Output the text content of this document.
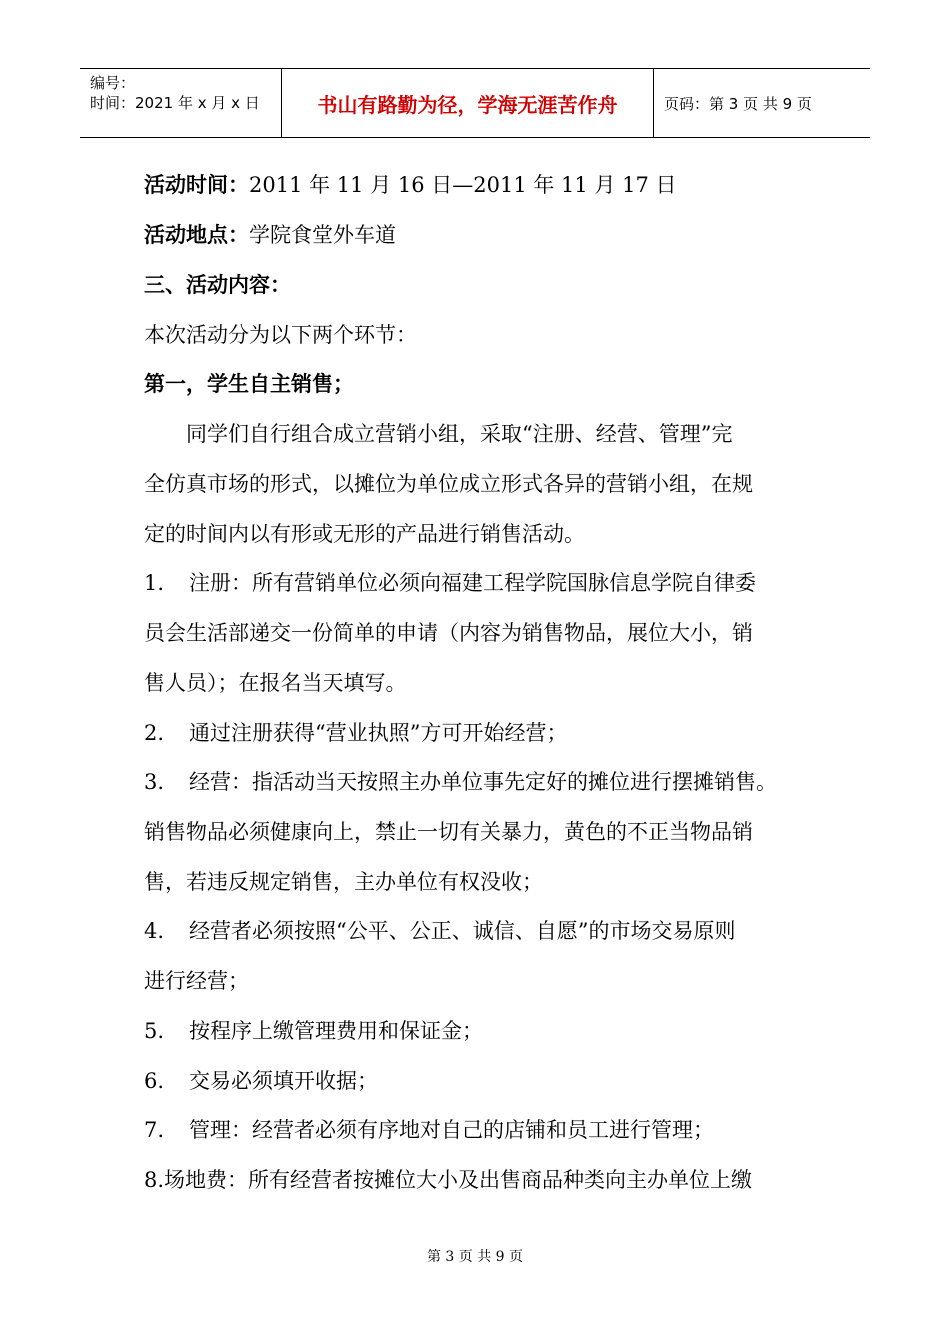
编号：
时间：2021 年 x 月 x 日	书山有路勤为径，学海无涯苦作舟	页码：第 3 页 共 9 页
活动时间：2011 年 11 月 16 日—2011 年 11 月 17 日
活动地点：学院食堂外车道
三、活动内容：
本次活动分为以下两个环节：
第一，学生自主销售；
同学们自行组合成立营销小组，采取“注册、经营、管理”完
全仿真市场的形式，以摊位为单位成立形式各异的营销小组，在规
定的时间内以有形或无形的产品进行销售活动。
1. 注册：所有营销单位必须向福建工程学院国脉信息学院自律委
员会生活部递交一份简单的申请（内容为销售物品，展位大小，销
售人员）；在报名当天填写。
2. 通过注册获得“营业执照”方可开始经营；
3. 经营：指活动当天按照主办单位事先定好的摊位进行摆摊销售。
销售物品必须健康向上，禁止一切有关暴力，黄色的不正当物品销
售，若违反规定销售，主办单位有权没收；
4. 经营者必须按照“公平、公正、诚信、自愿”的市场交易原则
进行经营；
5. 按程序上缴管理费用和保证金；
6. 交易必须填开收据；
7. 管理：经营者必须有序地对自己的店铺和员工进行管理；
8.场地费：所有经营者按摊位大小及出售商品种类向主办单位上缴
第 3 页 共 9 页
